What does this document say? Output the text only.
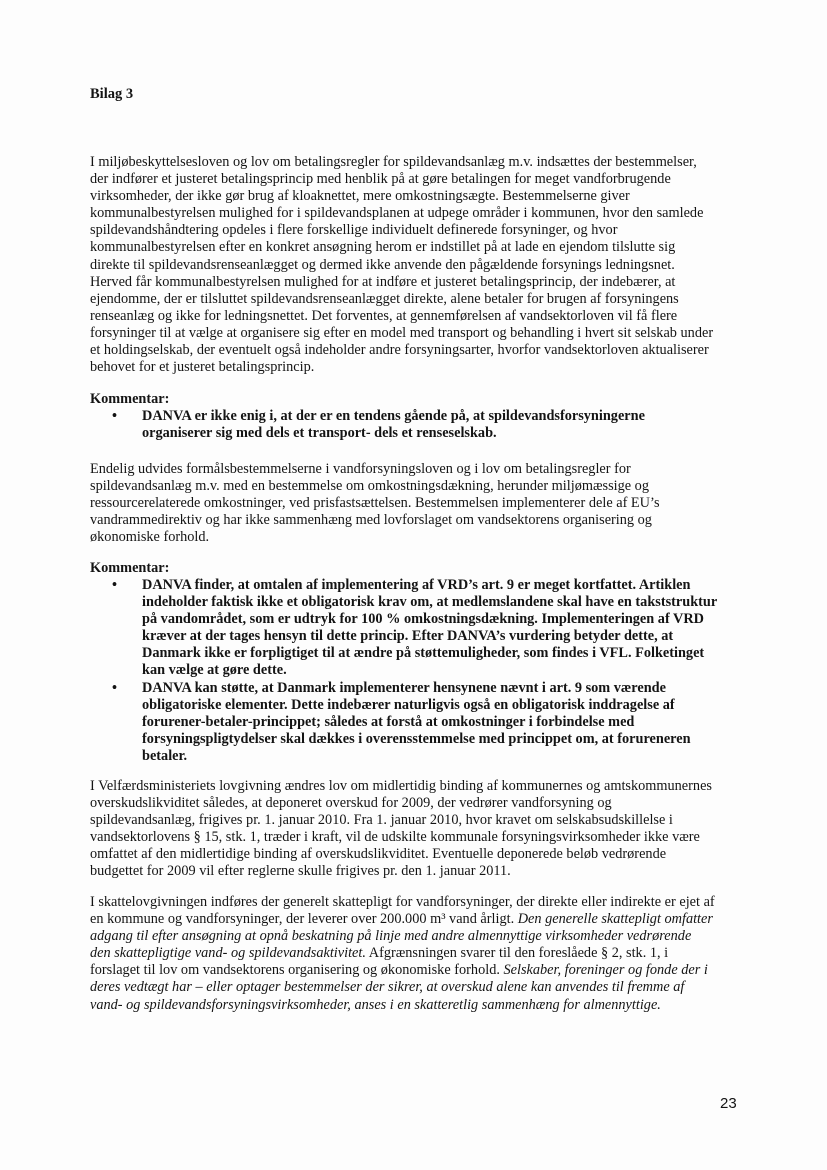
Bilag 3
I miljøbeskyttelsesloven og lov om betalingsregler for spildevandsanlæg m.v. indsættes der bestemmelser,
der indfører et justeret betalingsprincip med henblik på at gøre betalingen for meget vandforbrugende
virksomheder, der ikke gør brug af kloaknettet, mere omkostningsægte. Bestemmelserne giver
kommunalbestyrelsen mulighed for i spildevandsplanen at udpege områder i kommunen, hvor den samlede
spildevandshåndtering opdeles i flere forskellige individuelt definerede forsyninger, og hvor
kommunalbestyrelsen efter en konkret ansøgning herom er indstillet på at lade en ejendom tilslutte sig
direkte til spildevandsrenseanlægget og dermed ikke anvende den pågældende forsynings ledningsnet.
Herved får kommunalbestyrelsen mulighed for at indføre et justeret betalingsprincip, der indebærer, at
ejendomme, der er tilsluttet spildevandsrenseanlægget direkte, alene betaler for brugen af forsyningens
renseanlæg og ikke for ledningsnettet. Det forventes, at gennemførelsen af vandsektorloven vil få flere
forsyninger til at vælge at organisere sig efter en model med transport og behandling i hvert sit selskab under
et holdingselskab, der eventuelt også indeholder andre forsyningsarter, hvorfor vandsektorloven aktualiserer
behovet for et justeret betalingsprincip.
Kommentar:
• DANVA er ikke enig i, at der er en tendens gående på, at spildevandsforsyningerne
organiserer sig med dels et transport- dels et renseselskab.
Endelig udvides formålsbestemmelserne i vandforsyningsloven og i lov om betalingsregler for
spildevandsanlæg m.v. med en bestemmelse om omkostningsdækning, herunder miljømæssige og
ressourcerelaterede omkostninger, ved prisfastsættelsen. Bestemmelsen implementerer dele af EU’s
vandrammedirektiv og har ikke sammenhæng med lovforslaget om vandsektorens organisering og
økonomiske forhold.
Kommentar:
• DANVA finder, at omtalen af implementering af VRD’s art. 9 er meget kortfattet. Artiklen
indeholder faktisk ikke et obligatorisk krav om, at medlemslandene skal have en takststruktur
på vandområdet, som er udtryk for 100 % omkostningsdækning. Implementeringen af VRD
kræver at der tages hensyn til dette princip. Efter DANVA’s vurdering betyder dette, at
Danmark ikke er forpligtiget til at ændre på støttemuligheder, som findes i VFL. Folketinget
kan vælge at gøre dette.
• DANVA kan støtte, at Danmark implementerer hensynene nævnt i art. 9 som værende
obligatoriske elementer. Dette indebærer naturligvis også en obligatorisk inddragelse af
forurener-betaler-princippet; således at forstå at omkostninger i forbindelse med
forsyningspligtydelser skal dækkes i overensstemmelse med princippet om, at forureneren
betaler.
I Velfærdsministeriets lovgivning ændres lov om midlertidig binding af kommunernes og amtskommunernes
overskudslikviditet således, at deponeret overskud for 2009, der vedrører vandforsyning og
spildevandsanlæg, frigives pr. 1. januar 2010. Fra 1. januar 2010, hvor kravet om selskabsudskillelse i
vandsektorlovens § 15, stk. 1, træder i kraft, vil de udskilte kommunale forsyningsvirksomheder ikke være
omfattet af den midlertidige binding af overskudslikviditet. Eventuelle deponerede beløb vedrørende
budgettet for 2009 vil efter reglerne skulle frigives pr. den 1. januar 2011.
I skattelovgivningen indføres der generelt skattepligt for vandforsyninger, der direkte eller indirekte er ejet af
en kommune og vandforsyninger, der leverer over 200.000 m³ vand årligt. Den generelle skattepligt omfatter
adgang til efter ansøgning at opnå beskatning på linje med andre almennyttige virksomheder vedrørende
den skattepligtige vand- og spildevandsaktivitet. Afgrænsningen svarer til den foreslåede § 2, stk. 1, i
forslaget til lov om vandsektorens organisering og økonomiske forhold. Selskaber, foreninger og fonde der i
deres vedtægt har – eller optager bestemmelser der sikrer, at overskud alene kan anvendes til fremme af
vand- og spildevandsforsyningsvirksomheder, anses i en skatteretlig sammenhæng for almennyttige.
23
